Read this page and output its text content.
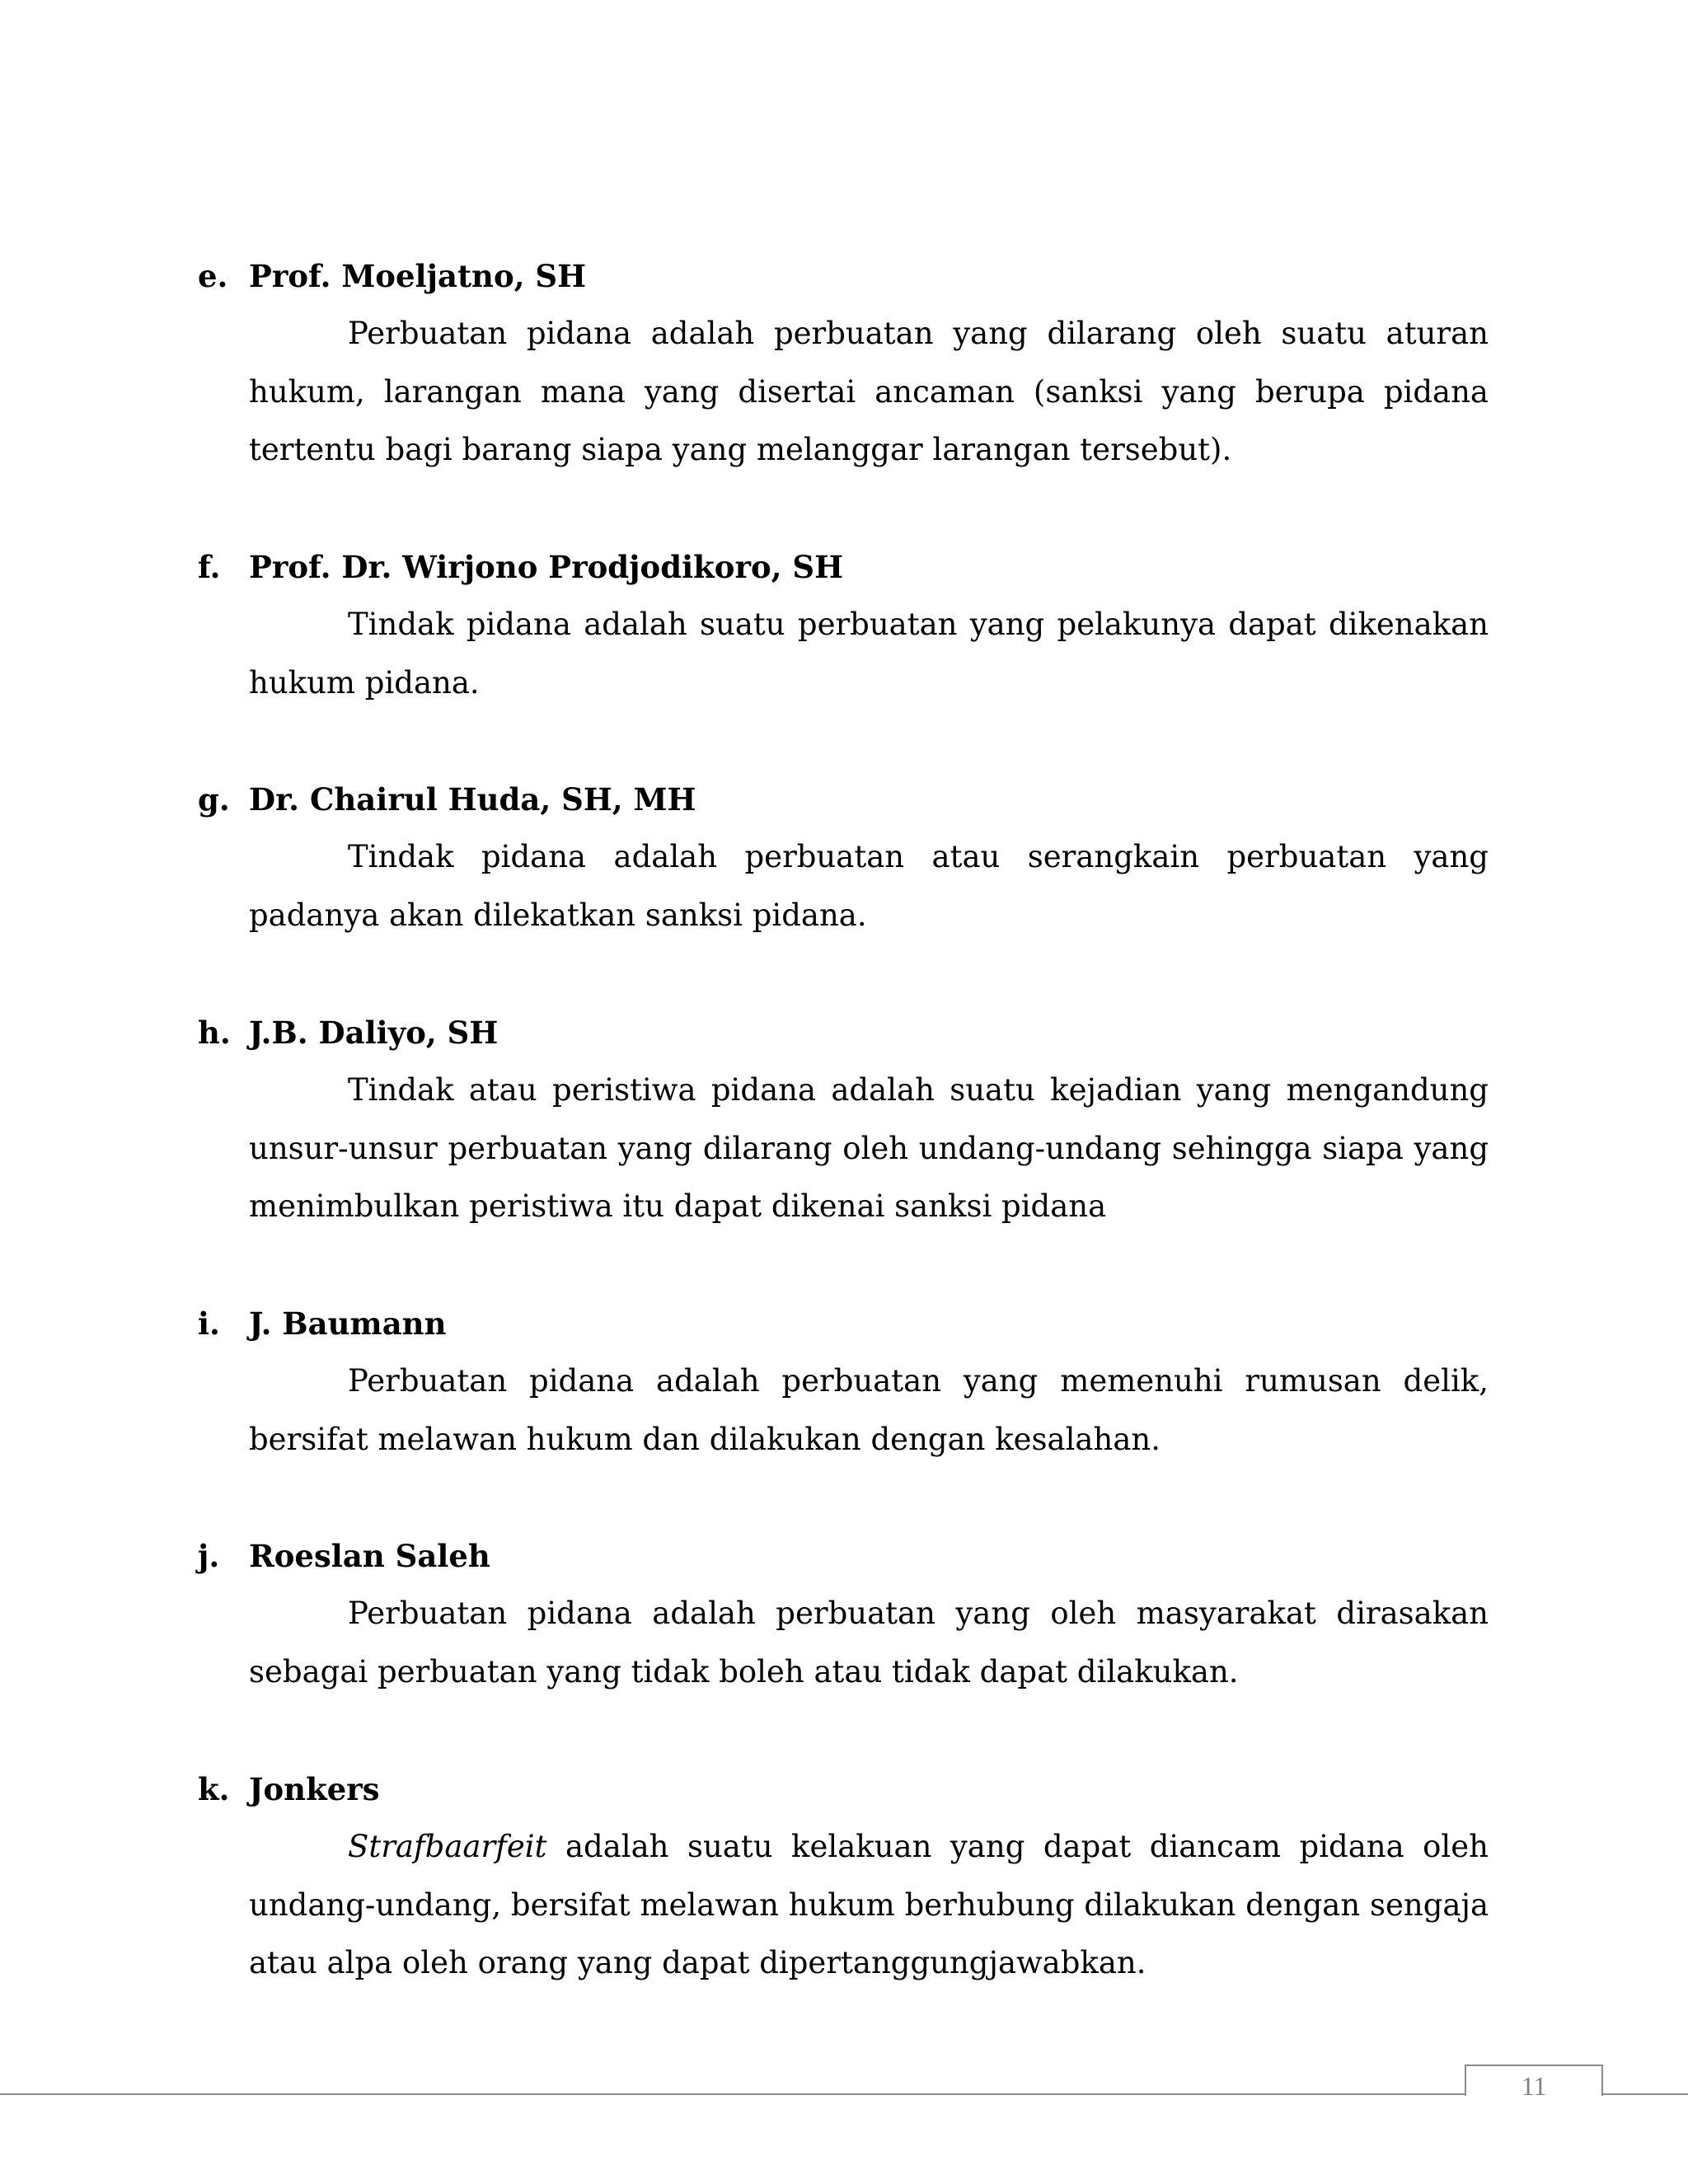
e. Prof. Moeljatno, SH
Perbuatan pidana adalah perbuatan yang dilarang oleh suatu aturan hukum, larangan mana yang disertai ancaman (sanksi yang berupa pidana tertentu bagi barang siapa yang melanggar larangan tersebut).
f. Prof. Dr. Wirjono Prodjodikoro, SH
Tindak pidana adalah suatu perbuatan yang pelakunya dapat dikenakan hukum pidana.
g. Dr. Chairul Huda, SH, MH
Tindak pidana adalah perbuatan atau serangkain perbuatan yang padanya akan dilekatkan sanksi pidana.
h. J.B. Daliyo, SH
Tindak atau peristiwa pidana adalah suatu kejadian yang mengandung unsur-unsur perbuatan yang dilarang oleh undang-undang sehingga siapa yang menimbulkan peristiwa itu dapat dikenai sanksi pidana
i. J. Baumann
Perbuatan pidana adalah perbuatan yang memenuhi rumusan delik, bersifat melawan hukum dan dilakukan dengan kesalahan.
j. Roeslan Saleh
Perbuatan pidana adalah perbuatan yang oleh masyarakat dirasakan sebagai perbuatan yang tidak boleh atau tidak dapat dilakukan.
k. Jonkers
Strafbaarfeit adalah suatu kelakuan yang dapat diancam pidana oleh undang-undang, bersifat melawan hukum berhubung dilakukan dengan sengaja atau alpa oleh orang yang dapat dipertanggungjawabkan.
11
